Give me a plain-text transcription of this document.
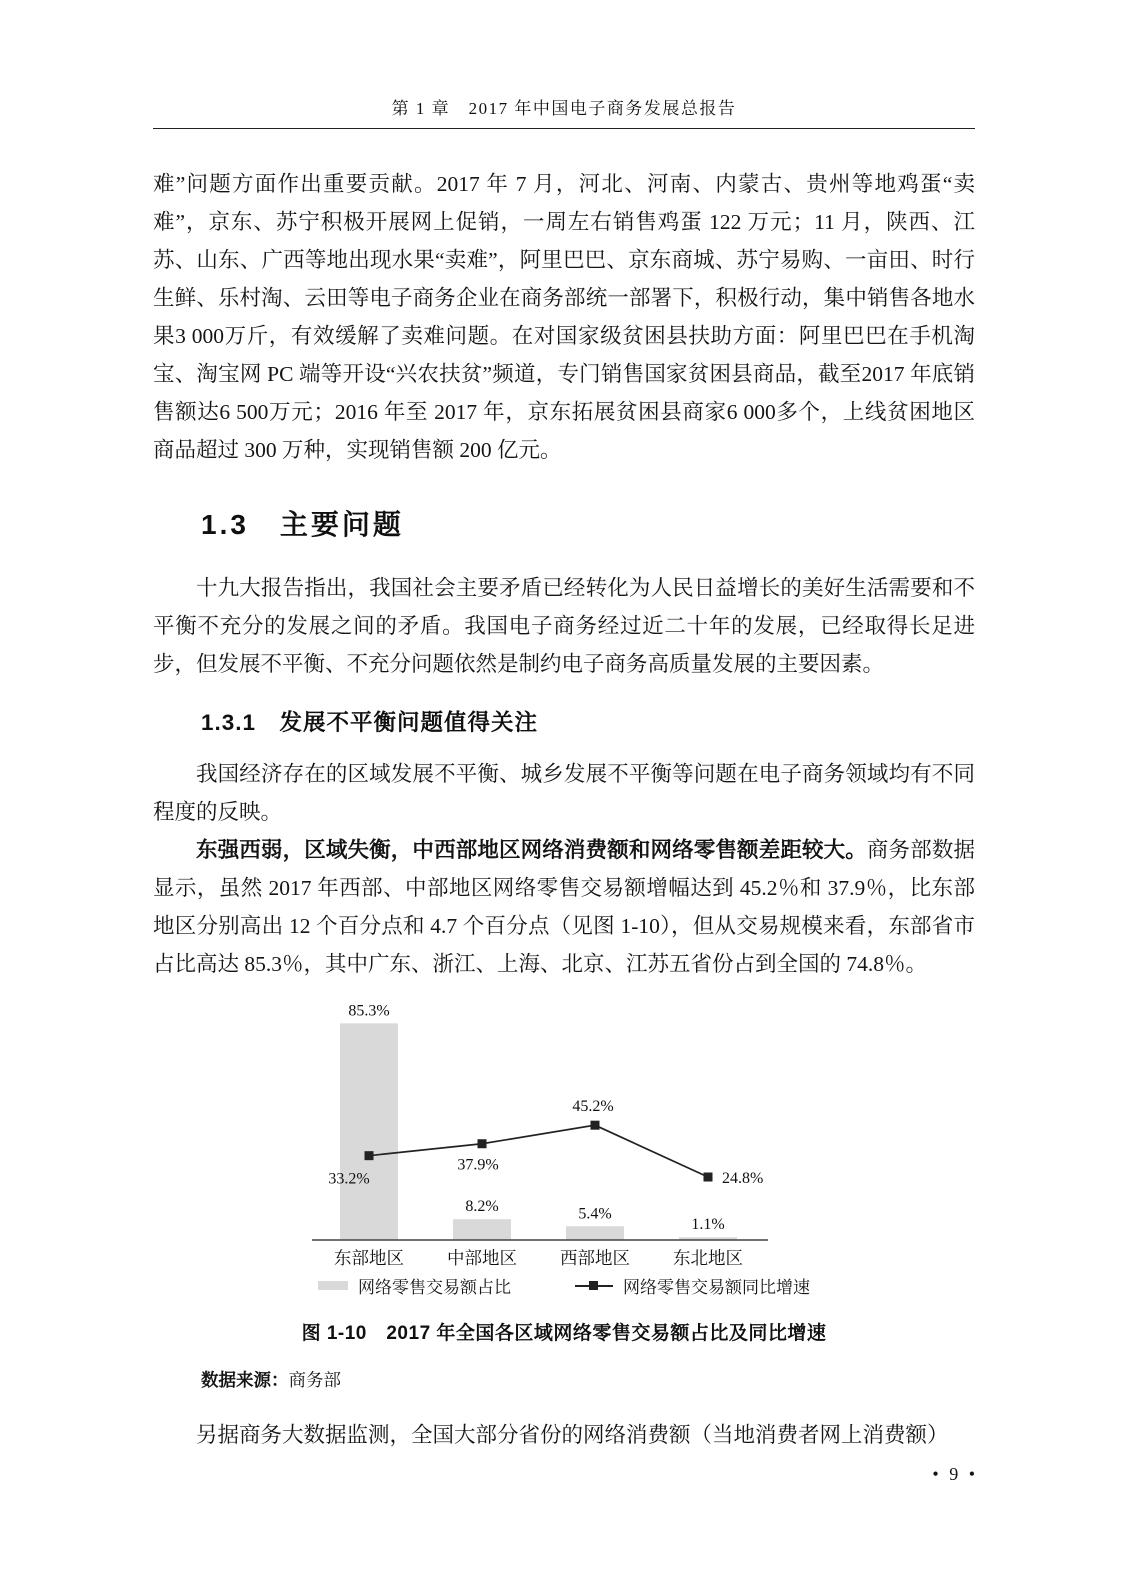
第 1 章　2017 年中国电子商务发展总报告

难”问题方面作出重要贡献。2017 年 7 月，河北、河南、内蒙古、贵州等地鸡蛋“卖难”，京东、苏宁积极开展网上促销，一周左右销售鸡蛋 122 万元；11 月，陕西、江苏、山东、广西等地出现水果“卖难”，阿里巴巴、京东商城、苏宁易购、一亩田、时行生鲜、乐村淘、云田等电子商务企业在商务部统一部署下，积极行动，集中销售各地水果3 000万斤，有效缓解了卖难问题。在对国家级贫困县扶助方面：阿里巴巴在手机淘宝、淘宝网 PC 端等开设“兴农扶贫”频道，专门销售国家贫困县商品，截至2017 年底销售额达6 500万元；2016 年至 2017 年，京东拓展贫困县商家6 000多个，上线贫困地区商品超过 300 万种，实现销售额 200 亿元。

1.3　主要问题

十九大报告指出，我国社会主要矛盾已经转化为人民日益增长的美好生活需要和不平衡不充分的发展之间的矛盾。我国电子商务经过近二十年的发展，已经取得长足进步，但发展不平衡、不充分问题依然是制约电子商务高质量发展的主要因素。

1.3.1　发展不平衡问题值得关注

我国经济存在的区域发展不平衡、城乡发展不平衡等问题在电子商务领域均有不同程度的反映。

东强西弱，区域失衡，中西部地区网络消费额和网络零售额差距较大。商务部数据显示，虽然 2017 年西部、中部地区网络零售交易额增幅达到 45.2％和 37.9％，比东部地区分别高出 12 个百分点和 4.7 个百分点（见图 1-10），但从交易规模来看，东部省市占比高达 85.3％，其中广东、浙江、上海、北京、江苏五省份占到全国的 74.8％。

85.3%
8.2%	5.4%
1.1%
33.2%
37.9%
45.2%
24.8%
东部地区 中部地区 西部地区 东北地区
网络零售交易额占比	网络零售交易额同比增速
图 1-10　2017 年全国各区域网络零售交易额占比及同比增速
数据来源：商务部

另据商务大数据监测，全国大部分省份的网络消费额（当地消费者网上消费额）

• 9 •
